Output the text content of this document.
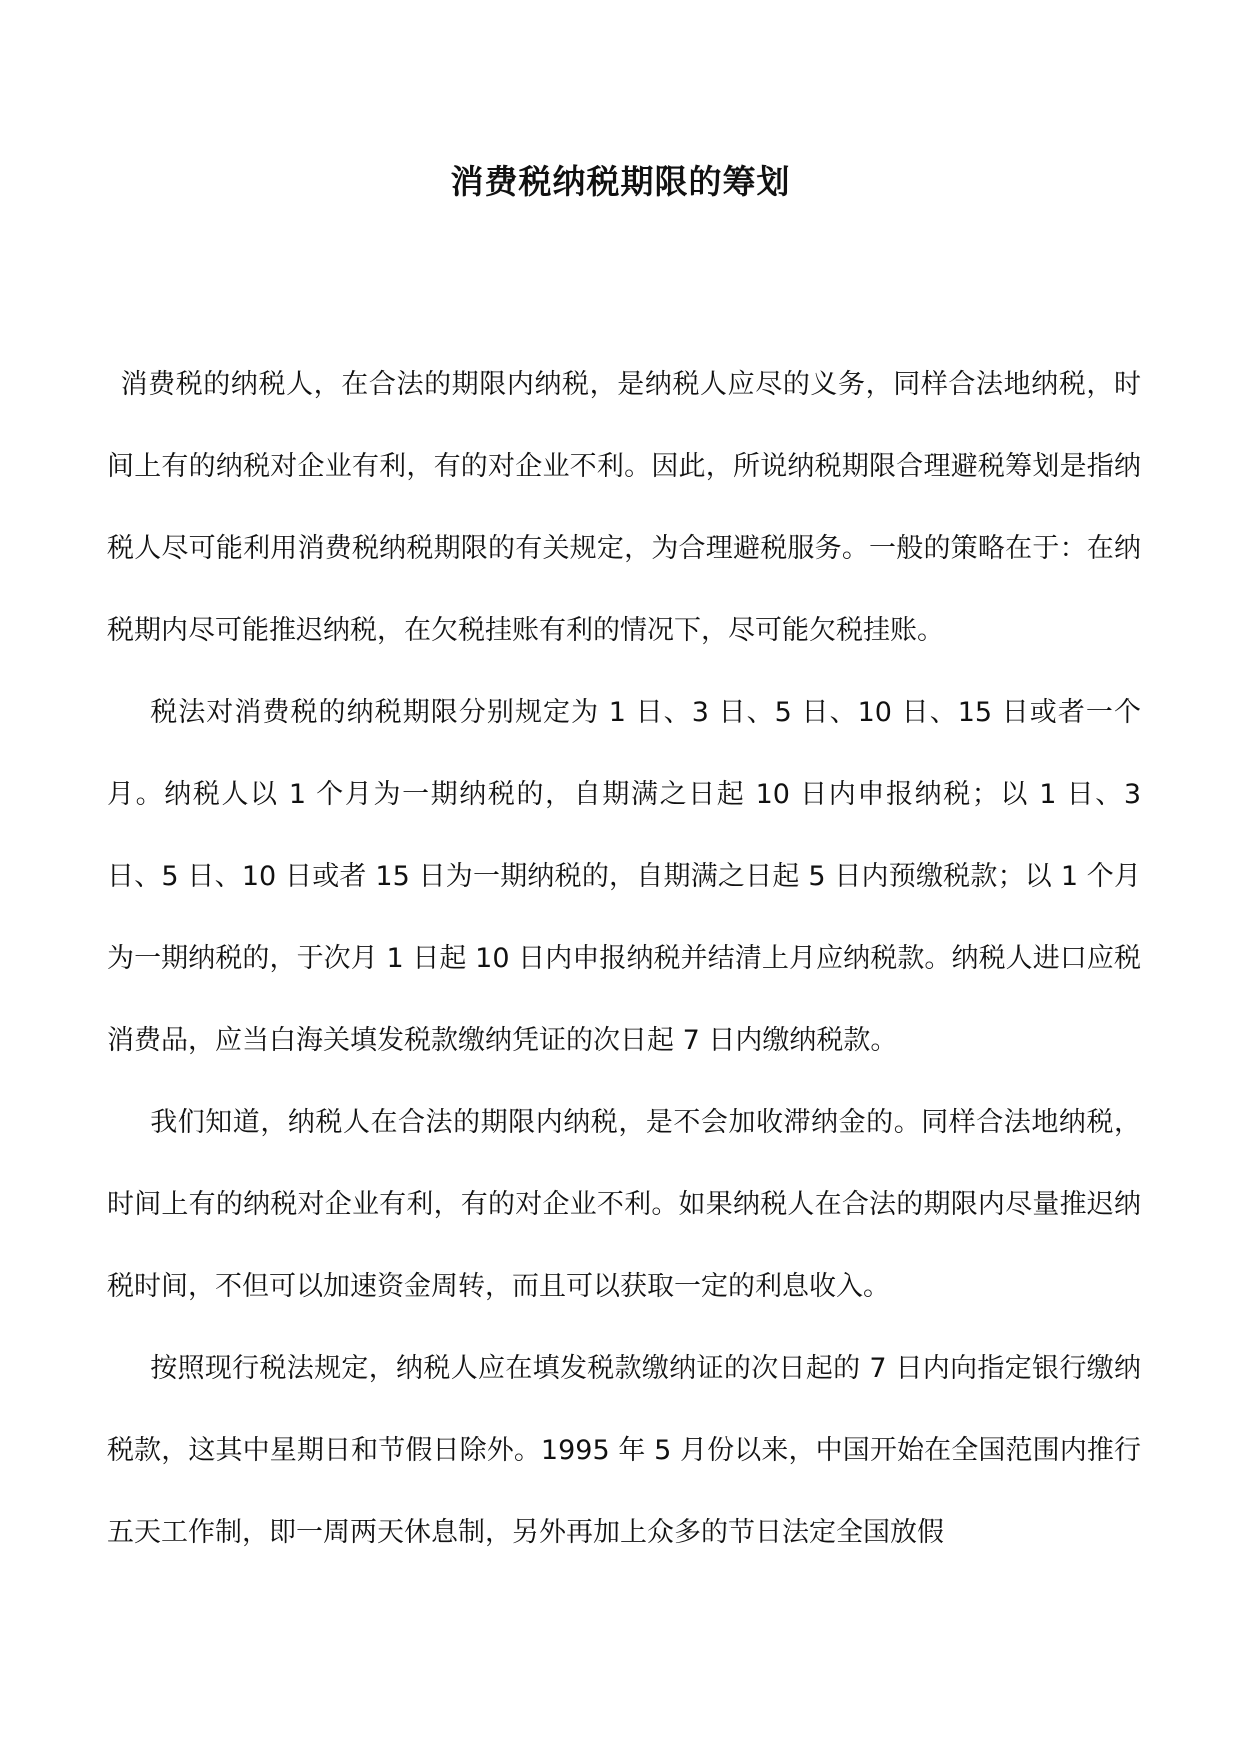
消费税纳税期限的筹划

消费税的纳税人，在合法的期限内纳税，是纳税人应尽的义务，同样合法地纳税，时间上有的纳税对企业有利，有的对企业不利。因此，所说纳税期限合理避税筹划是指纳税人尽可能利用消费税纳税期限的有关规定，为合理避税服务。一般的策略在于：在纳税期内尽可能推迟纳税，在欠税挂账有利的情况下，尽可能欠税挂账。

税法对消费税的纳税期限分别规定为 1 日、3 日、5 日、10 日、15 日或者一个月。纳税人以 1 个月为一期纳税的，自期满之日起 10 日内申报纳税；以 1 日、3 日、5 日、10 日或者 15 日为一期纳税的，自期满之日起 5 日内预缴税款；以 1 个月为一期纳税的，于次月 1 日起 10 日内申报纳税并结清上月应纳税款。纳税人进口应税消费品，应当白海关填发税款缴纳凭证的次日起 7 日内缴纳税款。

我们知道，纳税人在合法的期限内纳税，是不会加收滞纳金的。同样合法地纳税，时间上有的纳税对企业有利，有的对企业不利。如果纳税人在合法的期限内尽量推迟纳税时间，不但可以加速资金周转，而且可以获取一定的利息收入。

按照现行税法规定，纳税人应在填发税款缴纳证的次日起的 7 日内向指定银行缴纳税款，这其中星期日和节假日除外。1995 年 5 月份以来，中国开始在全国范围内推行五天工作制，即一周两天休息制，另外再加上众多的节日法定全国放假
